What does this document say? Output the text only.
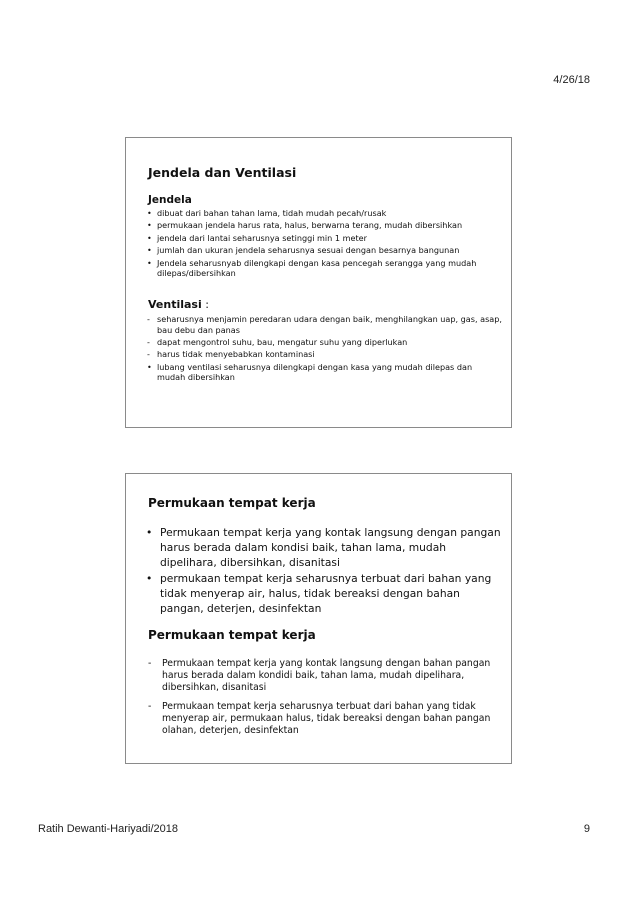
4/26/18
Jendela dan Ventilasi
Jendela
• dibuat dari bahan tahan lama, tidah mudah pecah/rusak
• permukaan jendela harus rata, halus, berwarna terang, mudah dibersihkan
• jendela dari lantai seharusnya setinggi min 1 meter
• jumlah dan ukuran jendela seharusnya sesuai dengan besarnya bangunan
• Jendela seharusnyab dilengkapi dengan kasa pencegah serangga yang mudah dilepas/dibersihkan
Ventilasi :
- seharusnya menjamin peredaran udara dengan baik, menghilangkan uap, gas, asap, bau debu dan panas
- dapat mengontrol suhu, bau, mengatur suhu yang diperlukan
- harus tidak menyebabkan kontaminasi
• lubang ventilasi seharusnya dilengkapi dengan kasa yang mudah dilepas dan mudah dibersihkan
Permukaan tempat kerja
• Permukaan tempat kerja yang kontak langsung dengan pangan harus berada dalam kondisi baik, tahan lama, mudah dipelihara, dibersihkan, disanitasi
• permukaan tempat kerja seharusnya terbuat dari bahan yang tidak menyerap air, halus, tidak bereaksi dengan bahan pangan, deterjen, desinfektan
Permukaan tempat kerja
- Permukaan tempat kerja yang kontak langsung dengan bahan pangan harus berada dalam kondidi baik, tahan lama, mudah dipelihara, dibersihkan, disanitasi
- Permukaan tempat kerja seharusnya terbuat dari bahan yang tidak menyerap air, permukaan halus, tidak bereaksi dengan bahan pangan olahan, deterjen, desinfektan
Ratih Dewanti-Hariyadi/2018	9
